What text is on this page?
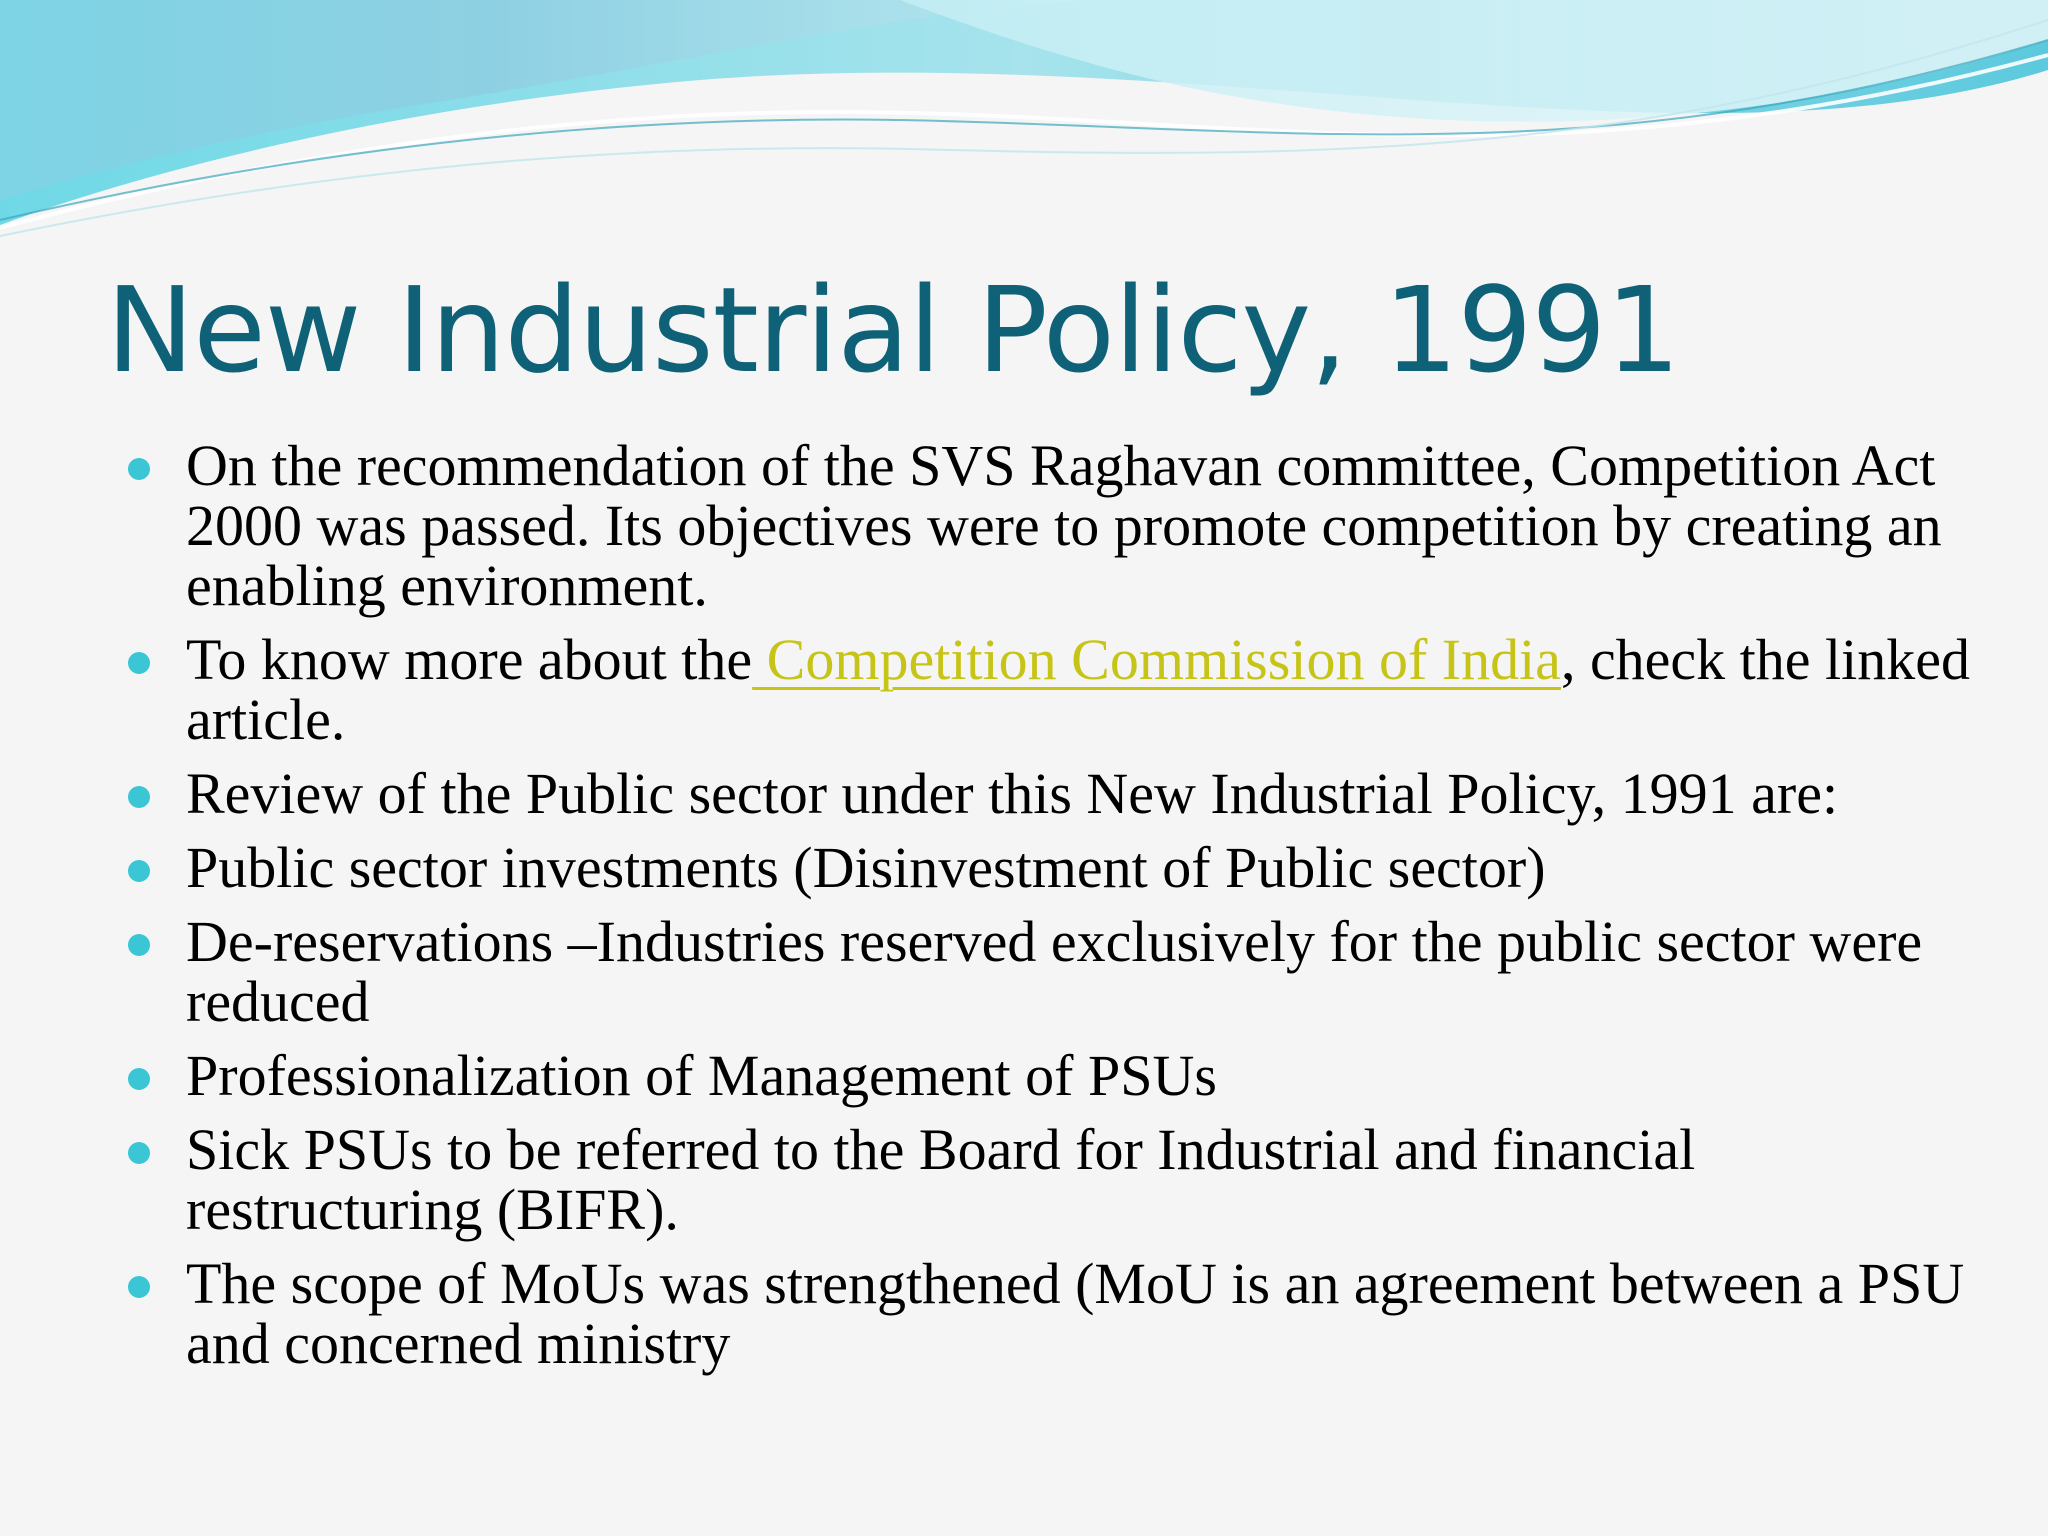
New Industrial Policy, 1991
On the recommendation of the SVS Raghavan committee, Competition Act 2000 was passed. Its objectives were to promote competition by creating an enabling environment.
To know more about the Competition Commission of India, check the linked article.
Review of the Public sector under this New Industrial Policy, 1991 are:
Public sector investments (Disinvestment of Public sector)
De-reservations –Industries reserved exclusively for the public sector were reduced
Professionalization of Management of PSUs
Sick PSUs to be referred to the Board for Industrial and financial restructuring (BIFR).
The scope of MoUs was strengthened (MoU is an agreement between a PSU and concerned ministry
